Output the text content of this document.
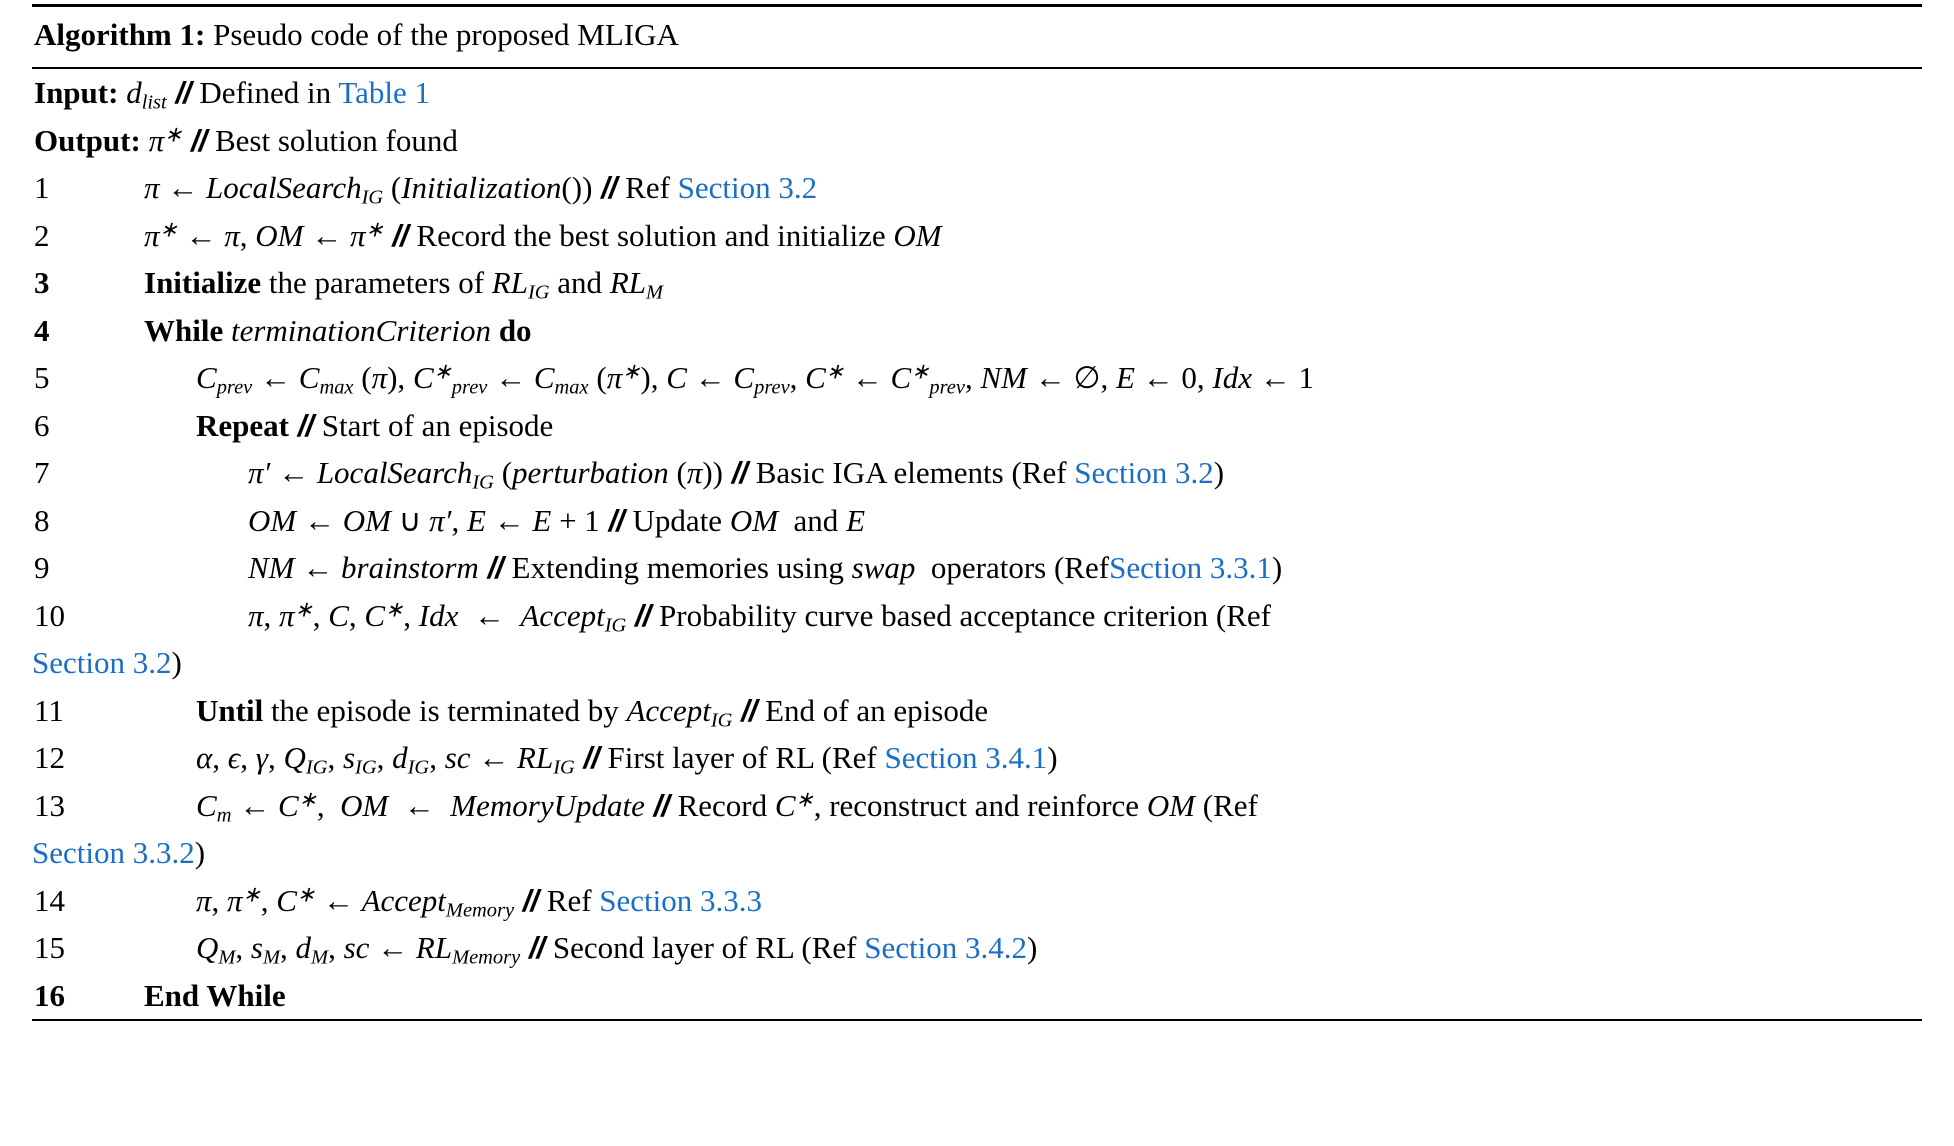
Algorithm 1: Pseudo code of the proposed MLIGA
Input: $d_{list}$ // Defined in Table 1
Output: π∗ // Best solution found
1	π ← LocalSearch$_{IG}$ (Initialization()) // Ref Section 3.2
2	π∗ ← π, OM ← π∗ // Record the best solution and initialize OM
3	Initialize the parameters of $RL_{IG}$ and $RL_M$
4	While terminationCriterion do
5	$C_{prev}$ ← $C_{max}$ (π), $C^∗_{prev}$ ← $C_{max}$ (π∗), C ← $C_{prev}$, C∗ ← $C^∗_{prev}$, NM ← ∅, E ← 0, Idx ← 1
6	Repeat // Start of an episode
7	π′ ← LocalSearch$_{IG}$ (perturbation (π)) // Basic IGA elements (Ref Section 3.2)
8	OM ← OM ∪ π′, E ← E + 1 // Update OM  and E
9	NM ← brainstorm // Extending memories using swap  operators (RefSection 3.3.1)
10	π, π∗, C, C∗, Idx  ←  Accept$_{IG}$ // Probability curve based acceptance criterion (Ref
Section 3.2)
11	Until the episode is terminated by Accept$_{IG}$ // End of an episode
12	α, ϵ, γ, $Q_{IG}$, $s_{IG}$, $d_{IG}$, sc ← $RL_{IG}$ // First layer of RL (Ref Section 3.4.1)
13	$C_m$ ← C∗,  OM  ←  MemoryUpdate // Record C∗, reconstruct and reinforce OM (Ref
Section 3.3.2)
14	π, π∗, C∗ ← Accept$_{Memory}$ // Ref Section 3.3.3
15	$Q_M$, $s_M$, $d_M$, sc ← $RL_{Memory}$ // Second layer of RL (Ref Section 3.4.2)
16	End While
